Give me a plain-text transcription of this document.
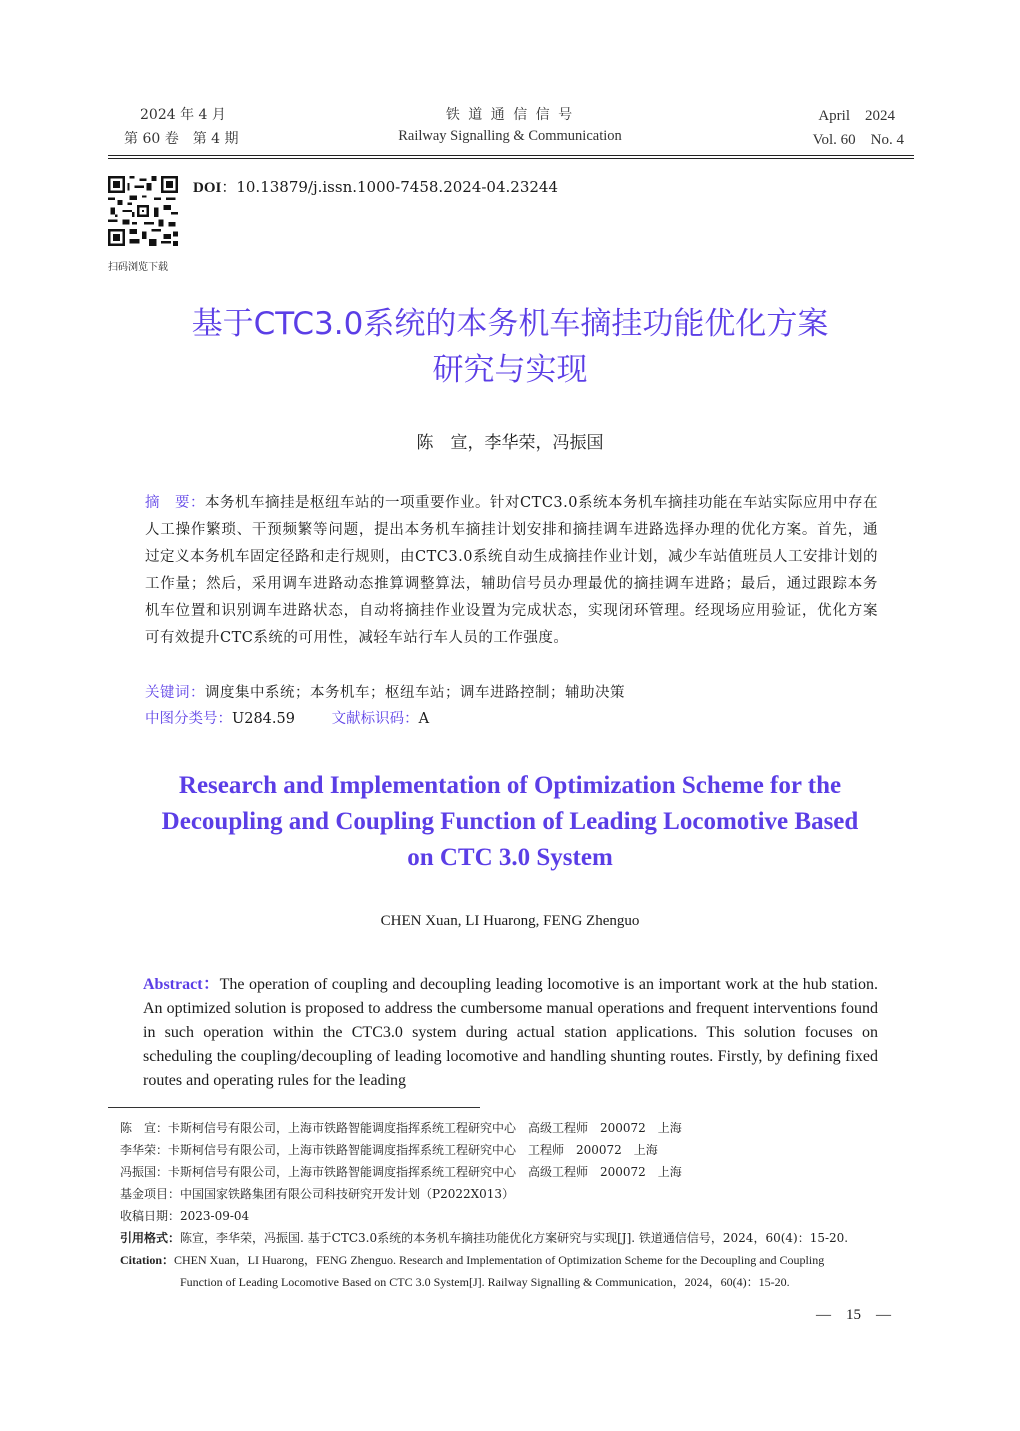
2024 年 4 月
第 60 卷　第 4 期
铁 道 通 信 信 号
Railway Signalling & Communication
April　2024
Vol. 60　No. 4
扫码浏览下载
DOI：10.13879/j.issn.1000-7458.2024-04.23244
基于CTC3.0系统的本务机车摘挂功能优化方案
研究与实现
陈　宣，李华荣，冯振国
摘　要：本务机车摘挂是枢纽车站的一项重要作业。针对CTC3.0系统本务机车摘挂功能在车站实际应用中存在人工操作繁琐、干预频繁等问题，提出本务机车摘挂计划安排和摘挂调车进路选择办理的优化方案。首先，通过定义本务机车固定径路和走行规则，由CTC3.0系统自动生成摘挂作业计划，减少车站值班员人工安排计划的工作量；然后，采用调车进路动态推算调整算法，辅助信号员办理最优的摘挂调车进路；最后，通过跟踪本务机车位置和识别调车进路状态，自动将摘挂作业设置为完成状态，实现闭环管理。经现场应用验证，优化方案可有效提升CTC系统的可用性，减轻车站行车人员的工作强度。
关键词：调度集中系统；本务机车；枢纽车站；调车进路控制；辅助决策
中图分类号：U284.59	文献标识码：A
Research and Implementation of Optimization Scheme for the
Decoupling and Coupling Function of Leading Locomotive Based
on CTC 3.0 System
CHEN Xuan, LI Huarong, FENG Zhenguo
Abstract：The operation of coupling and decoupling leading locomotive is an important work at the hub station. An optimized solution is proposed to address the cumbersome manual operations and frequent interventions found in such operation within the CTC3.0 system during actual station applications. This solution focuses on scheduling the coupling/decoupling of leading locomotive and handling shunting routes. Firstly, by defining fixed routes and operating rules for the leading
陈　宣：卡斯柯信号有限公司，上海市铁路智能调度指挥系统工程研究中心　高级工程师　200072　上海
李华荣：卡斯柯信号有限公司，上海市铁路智能调度指挥系统工程研究中心　工程师　200072　上海
冯振国：卡斯柯信号有限公司，上海市铁路智能调度指挥系统工程研究中心　高级工程师　200072　上海
基金项目：中国国家铁路集团有限公司科技研究开发计划（P2022X013）
收稿日期：2023-09-04
引用格式：陈宣，李华荣，冯振国. 基于CTC3.0系统的本务机车摘挂功能优化方案研究与实现[J]. 铁道通信信号，2024，60(4)：15-20.
Citation：CHEN Xuan，LI Huarong，FENG Zhenguo. Research and Implementation of Optimization Scheme for the Decoupling and Coupling
Function of Leading Locomotive Based on CTC 3.0 System[J]. Railway Signalling & Communication，2024，60(4)：15-20.
—　15　—
